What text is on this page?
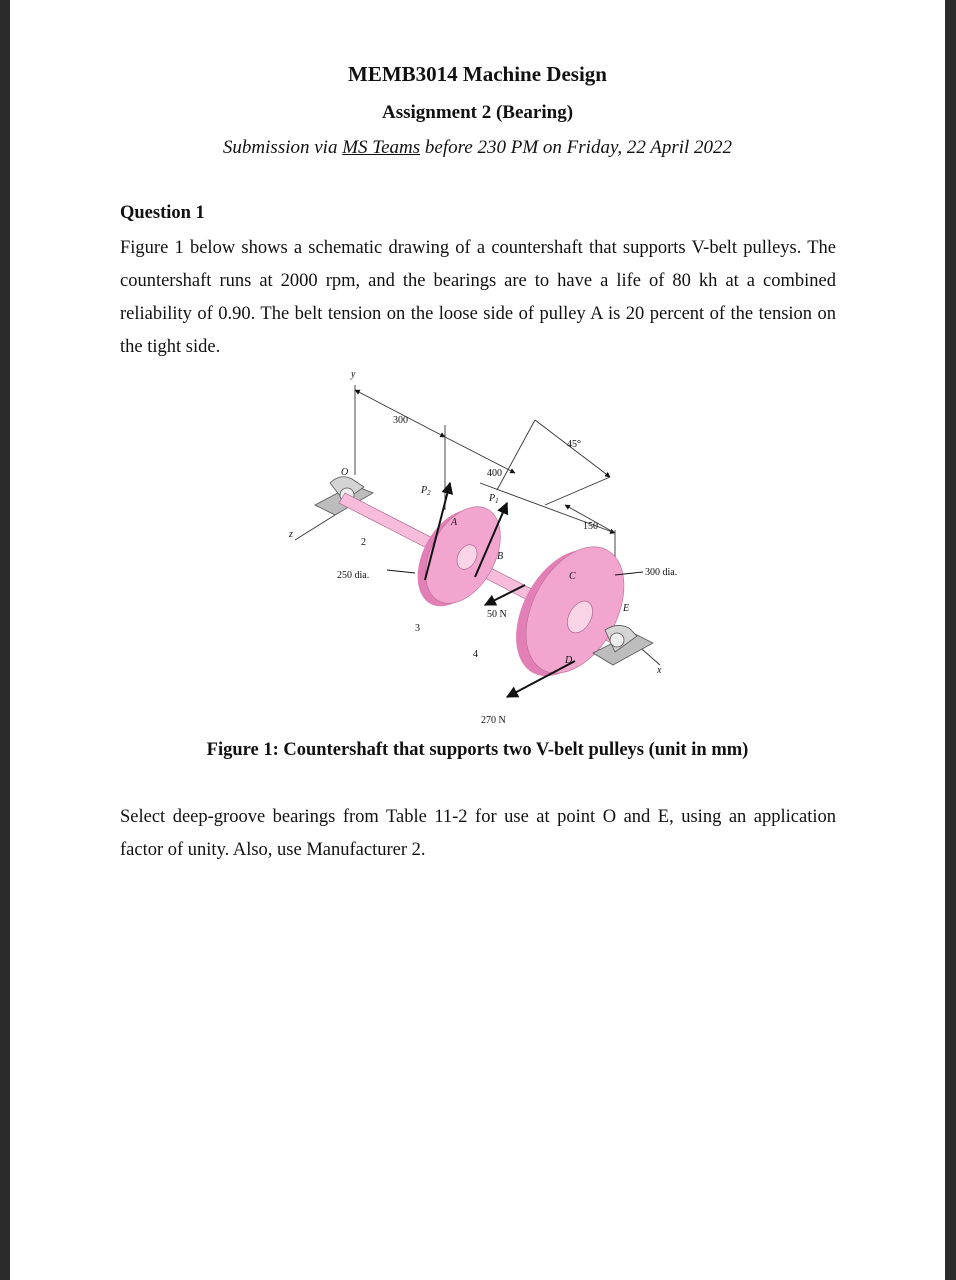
MEMB3014 Machine Design
Assignment 2 (Bearing)
Submission via MS Teams before 230 PM on Friday, 22 April 2022
Question 1
Figure 1 below shows a schematic drawing of a countershaft that supports V-belt pulleys. The countershaft runs at 2000 rpm, and the bearings are to have a life of 80 kh at a combined reliability of 0.90. The belt tension on the loose side of pulley A is 20 percent of the tension on the tight side.
y
z
x
O
300
400
150
45°
$P_2$	$P_1$
A
B
C
D
E
2
3
4
250 dia.	300 dia.
50 N
270 N
Figure 1: Countershaft that supports two V-belt pulleys (unit in mm)
Select deep-groove bearings from Table 11-2 for use at point O and E, using an application factor of unity. Also, use Manufacturer 2.
